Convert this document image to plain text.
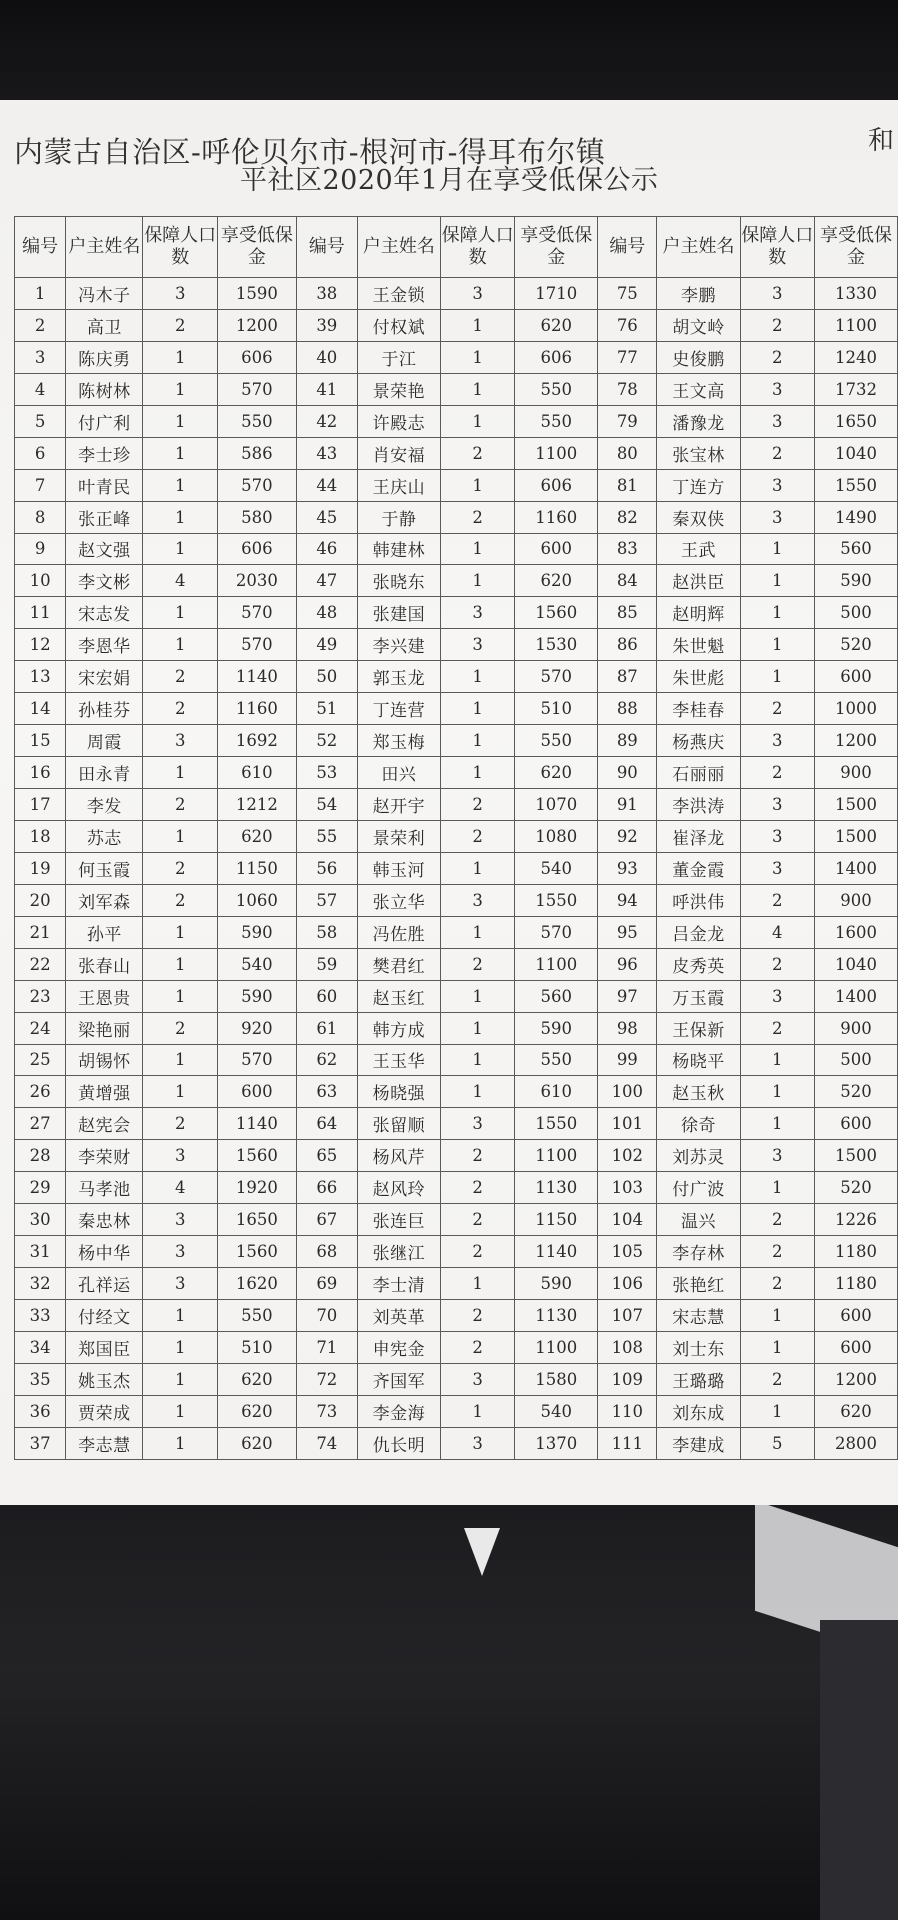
内蒙古自治区-呼伦贝尔市-根河市-得耳布尔镇	和
平社区2020年1月在享受低保公示
编号	户主姓名	保障人口数	享受低保金	编号	户主姓名	保障人口数	享受低保金	编号	户主姓名	保障人口数	享受低保金
1	冯木子	3	1590	38	王金锁	3	1710	75	李鹏	3	1330
2	高卫	2	1200	39	付权斌	1	620	76	胡文岭	2	1100
3	陈庆勇	1	606	40	于江	1	606	77	史俊鹏	2	1240
4	陈树林	1	570	41	景荣艳	1	550	78	王文高	3	1732
5	付广利	1	550	42	许殿志	1	550	79	潘豫龙	3	1650
6	李士珍	1	586	43	肖安福	2	1100	80	张宝林	2	1040
7	叶青民	1	570	44	王庆山	1	606	81	丁连方	3	1550
8	张正峰	1	580	45	于静	2	1160	82	秦双侠	3	1490
9	赵文强	1	606	46	韩建林	1	600	83	王武	1	560
10	李文彬	4	2030	47	张晓东	1	620	84	赵洪臣	1	590
11	宋志发	1	570	48	张建国	3	1560	85	赵明辉	1	500
12	李恩华	1	570	49	李兴建	3	1530	86	朱世魁	1	520
13	宋宏娟	2	1140	50	郭玉龙	1	570	87	朱世彪	1	600
14	孙桂芬	2	1160	51	丁连营	1	510	88	李桂春	2	1000
15	周霞	3	1692	52	郑玉梅	1	550	89	杨燕庆	3	1200
16	田永青	1	610	53	田兴	1	620	90	石丽丽	2	900
17	李发	2	1212	54	赵开宇	2	1070	91	李洪涛	3	1500
18	苏志	1	620	55	景荣利	2	1080	92	崔泽龙	3	1500
19	何玉霞	2	1150	56	韩玉河	1	540	93	董金霞	3	1400
20	刘军森	2	1060	57	张立华	3	1550	94	呼洪伟	2	900
21	孙平	1	590	58	冯佐胜	1	570	95	吕金龙	4	1600
22	张春山	1	540	59	樊君红	2	1100	96	皮秀英	2	1040
23	王恩贵	1	590	60	赵玉红	1	560	97	万玉霞	3	1400
24	梁艳丽	2	920	61	韩方成	1	590	98	王保新	2	900
25	胡锡怀	1	570	62	王玉华	1	550	99	杨晓平	1	500
26	黄增强	1	600	63	杨晓强	1	610	100	赵玉秋	1	520
27	赵宪会	2	1140	64	张留顺	3	1550	101	徐奇	1	600
28	李荣财	3	1560	65	杨风芹	2	1100	102	刘苏灵	3	1500
29	马孝池	4	1920	66	赵风玲	2	1130	103	付广波	1	520
30	秦忠林	3	1650	67	张连巨	2	1150	104	温兴	2	1226
31	杨中华	3	1560	68	张继江	2	1140	105	李存林	2	1180
32	孔祥运	3	1620	69	李士清	1	590	106	张艳红	2	1180
33	付经文	1	550	70	刘英革	2	1130	107	宋志慧	1	600
34	郑国臣	1	510	71	申宪金	2	1100	108	刘士东	1	600
35	姚玉杰	1	620	72	齐国军	3	1580	109	王璐璐	2	1200
36	贾荣成	1	620	73	李金海	1	540	110	刘东成	1	620
37	李志慧	1	620	74	仇长明	3	1370	111	李建成	5	2800
